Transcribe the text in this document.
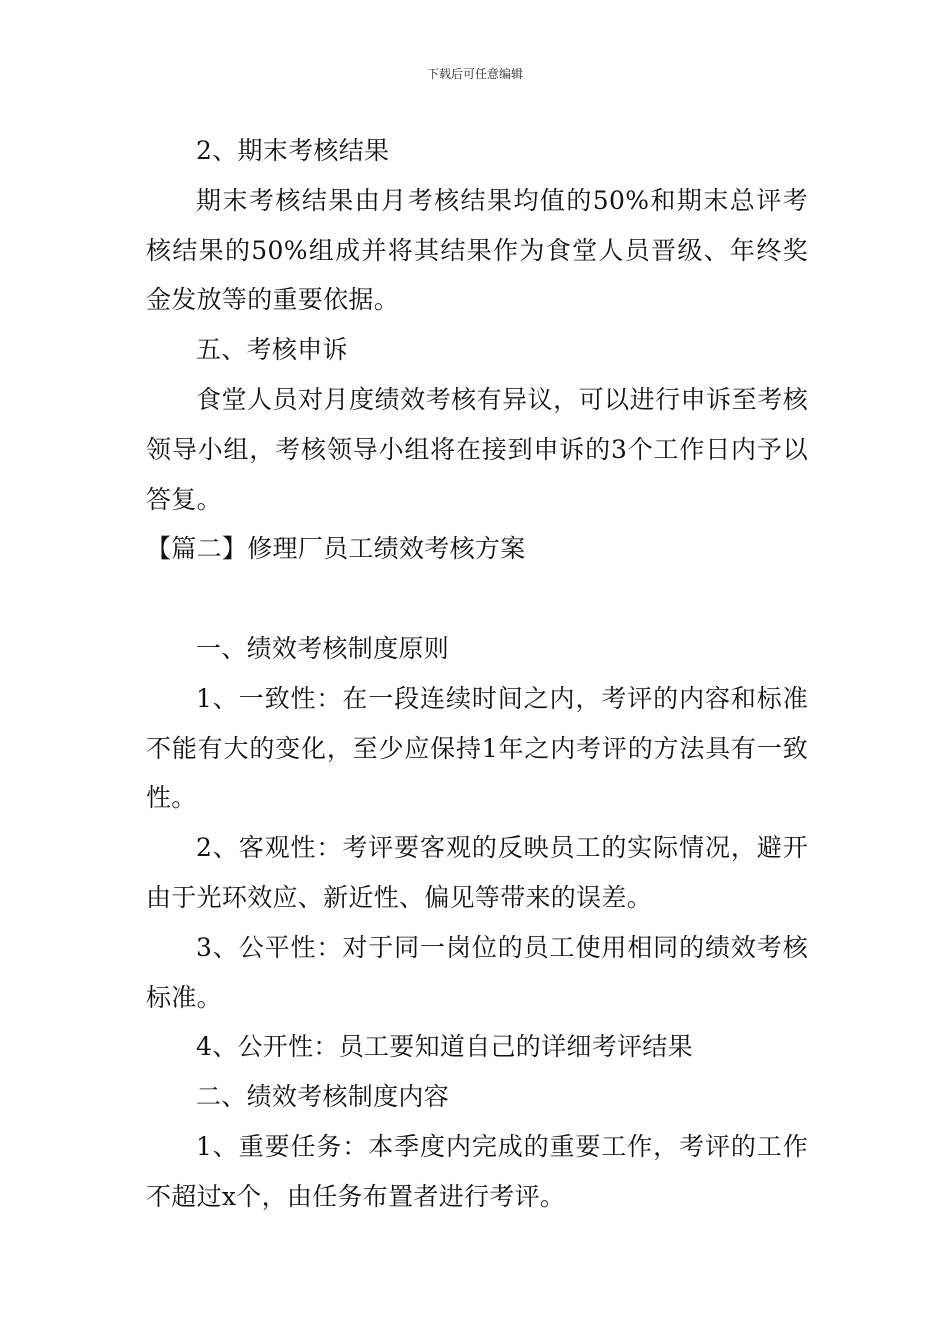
下载后可任意编辑

2、期末考核结果

期末考核结果由月考核结果均值的50%和期末总评考核结果的50%组成并将其结果作为食堂人员晋级、年终奖金发放等的重要依据。

五、考核申诉

食堂人员对月度绩效考核有异议，可以进行申诉至考核领导小组，考核领导小组将在接到申诉的3个工作日内予以答复。

【篇二】修理厂员工绩效考核方案

一、绩效考核制度原则

1、一致性：在一段连续时间之内，考评的内容和标准不能有大的变化，至少应保持1年之内考评的方法具有一致性。

2、客观性：考评要客观的反映员工的实际情况，避开由于光环效应、新近性、偏见等带来的误差。

3、公平性：对于同一岗位的员工使用相同的绩效考核标准。

4、公开性：员工要知道自己的详细考评结果

二、绩效考核制度内容

1、重要任务：本季度内完成的重要工作，考评的工作不超过x个，由任务布置者进行考评。
